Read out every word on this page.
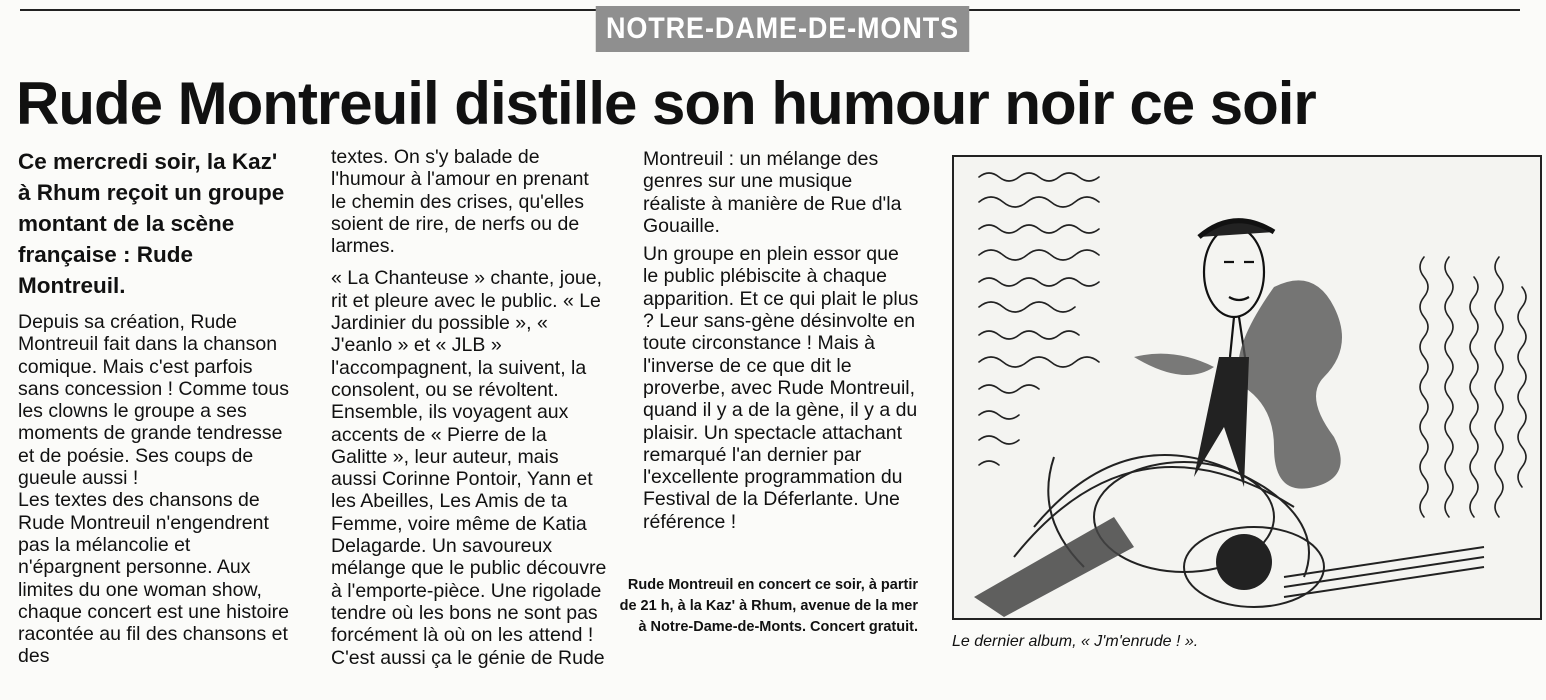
NOTRE-DAME-DE-MONTS
Rude Montreuil distille son humour noir ce soir

Ce mercredi soir, la Kaz' à Rhum reçoit un groupe montant de la scène française : Rude Montreuil.

Depuis sa création, Rude Montreuil fait dans la chanson comique. Mais c'est parfois sans concession ! Comme tous les clowns le groupe a ses moments de grande tendresse et de poésie. Ses coups de gueule aussi !

Les textes des chansons de Rude Montreuil n'engendrent pas la mélancolie et n'épargnent personne. Aux limites du one woman show, chaque concert est une histoire racontée au fil des chansons et des

textes. On s'y balade de l'humour à l'amour en prenant le chemin des crises, qu'elles soient de rire, de nerfs ou de larmes.

« La Chanteuse » chante, joue, rit et pleure avec le public. « Le Jardinier du possible », « J'eanlo » et « JLB » l'accompagnent, la suivent, la consolent, ou se révoltent. Ensemble, ils voyagent aux accents de « Pierre de la Galitte », leur auteur, mais aussi Corinne Pontoir, Yann et les Abeilles, Les Amis de ta Femme, voire même de Katia Delagarde. Un savoureux mélange que le public découvre à l'emporte-pièce. Une rigolade tendre où les bons ne sont pas forcément là où on les attend ! C'est aussi ça le génie de Rude

Montreuil : un mélange des genres sur une musique réaliste à manière de Rue d'la Gouaille.

Un groupe en plein essor que le public plébiscite à chaque apparition. Et ce qui plait le plus ? Leur sans-gène désinvolte en toute circonstance ! Mais à l'inverse de ce que dit le proverbe, avec Rude Montreuil, quand il y a de la gène, il y a du plaisir. Un spectacle attachant remarqué l'an dernier par l'excellente programmation du Festival de la Déferlante. Une référence !

Rude Montreuil en concert ce soir, à partir de 21 h, à la Kaz' à Rhum, avenue de la mer à Notre-Dame-de-Monts. Concert gratuit.
Le dernier album, « J'm'enrude ! ».
